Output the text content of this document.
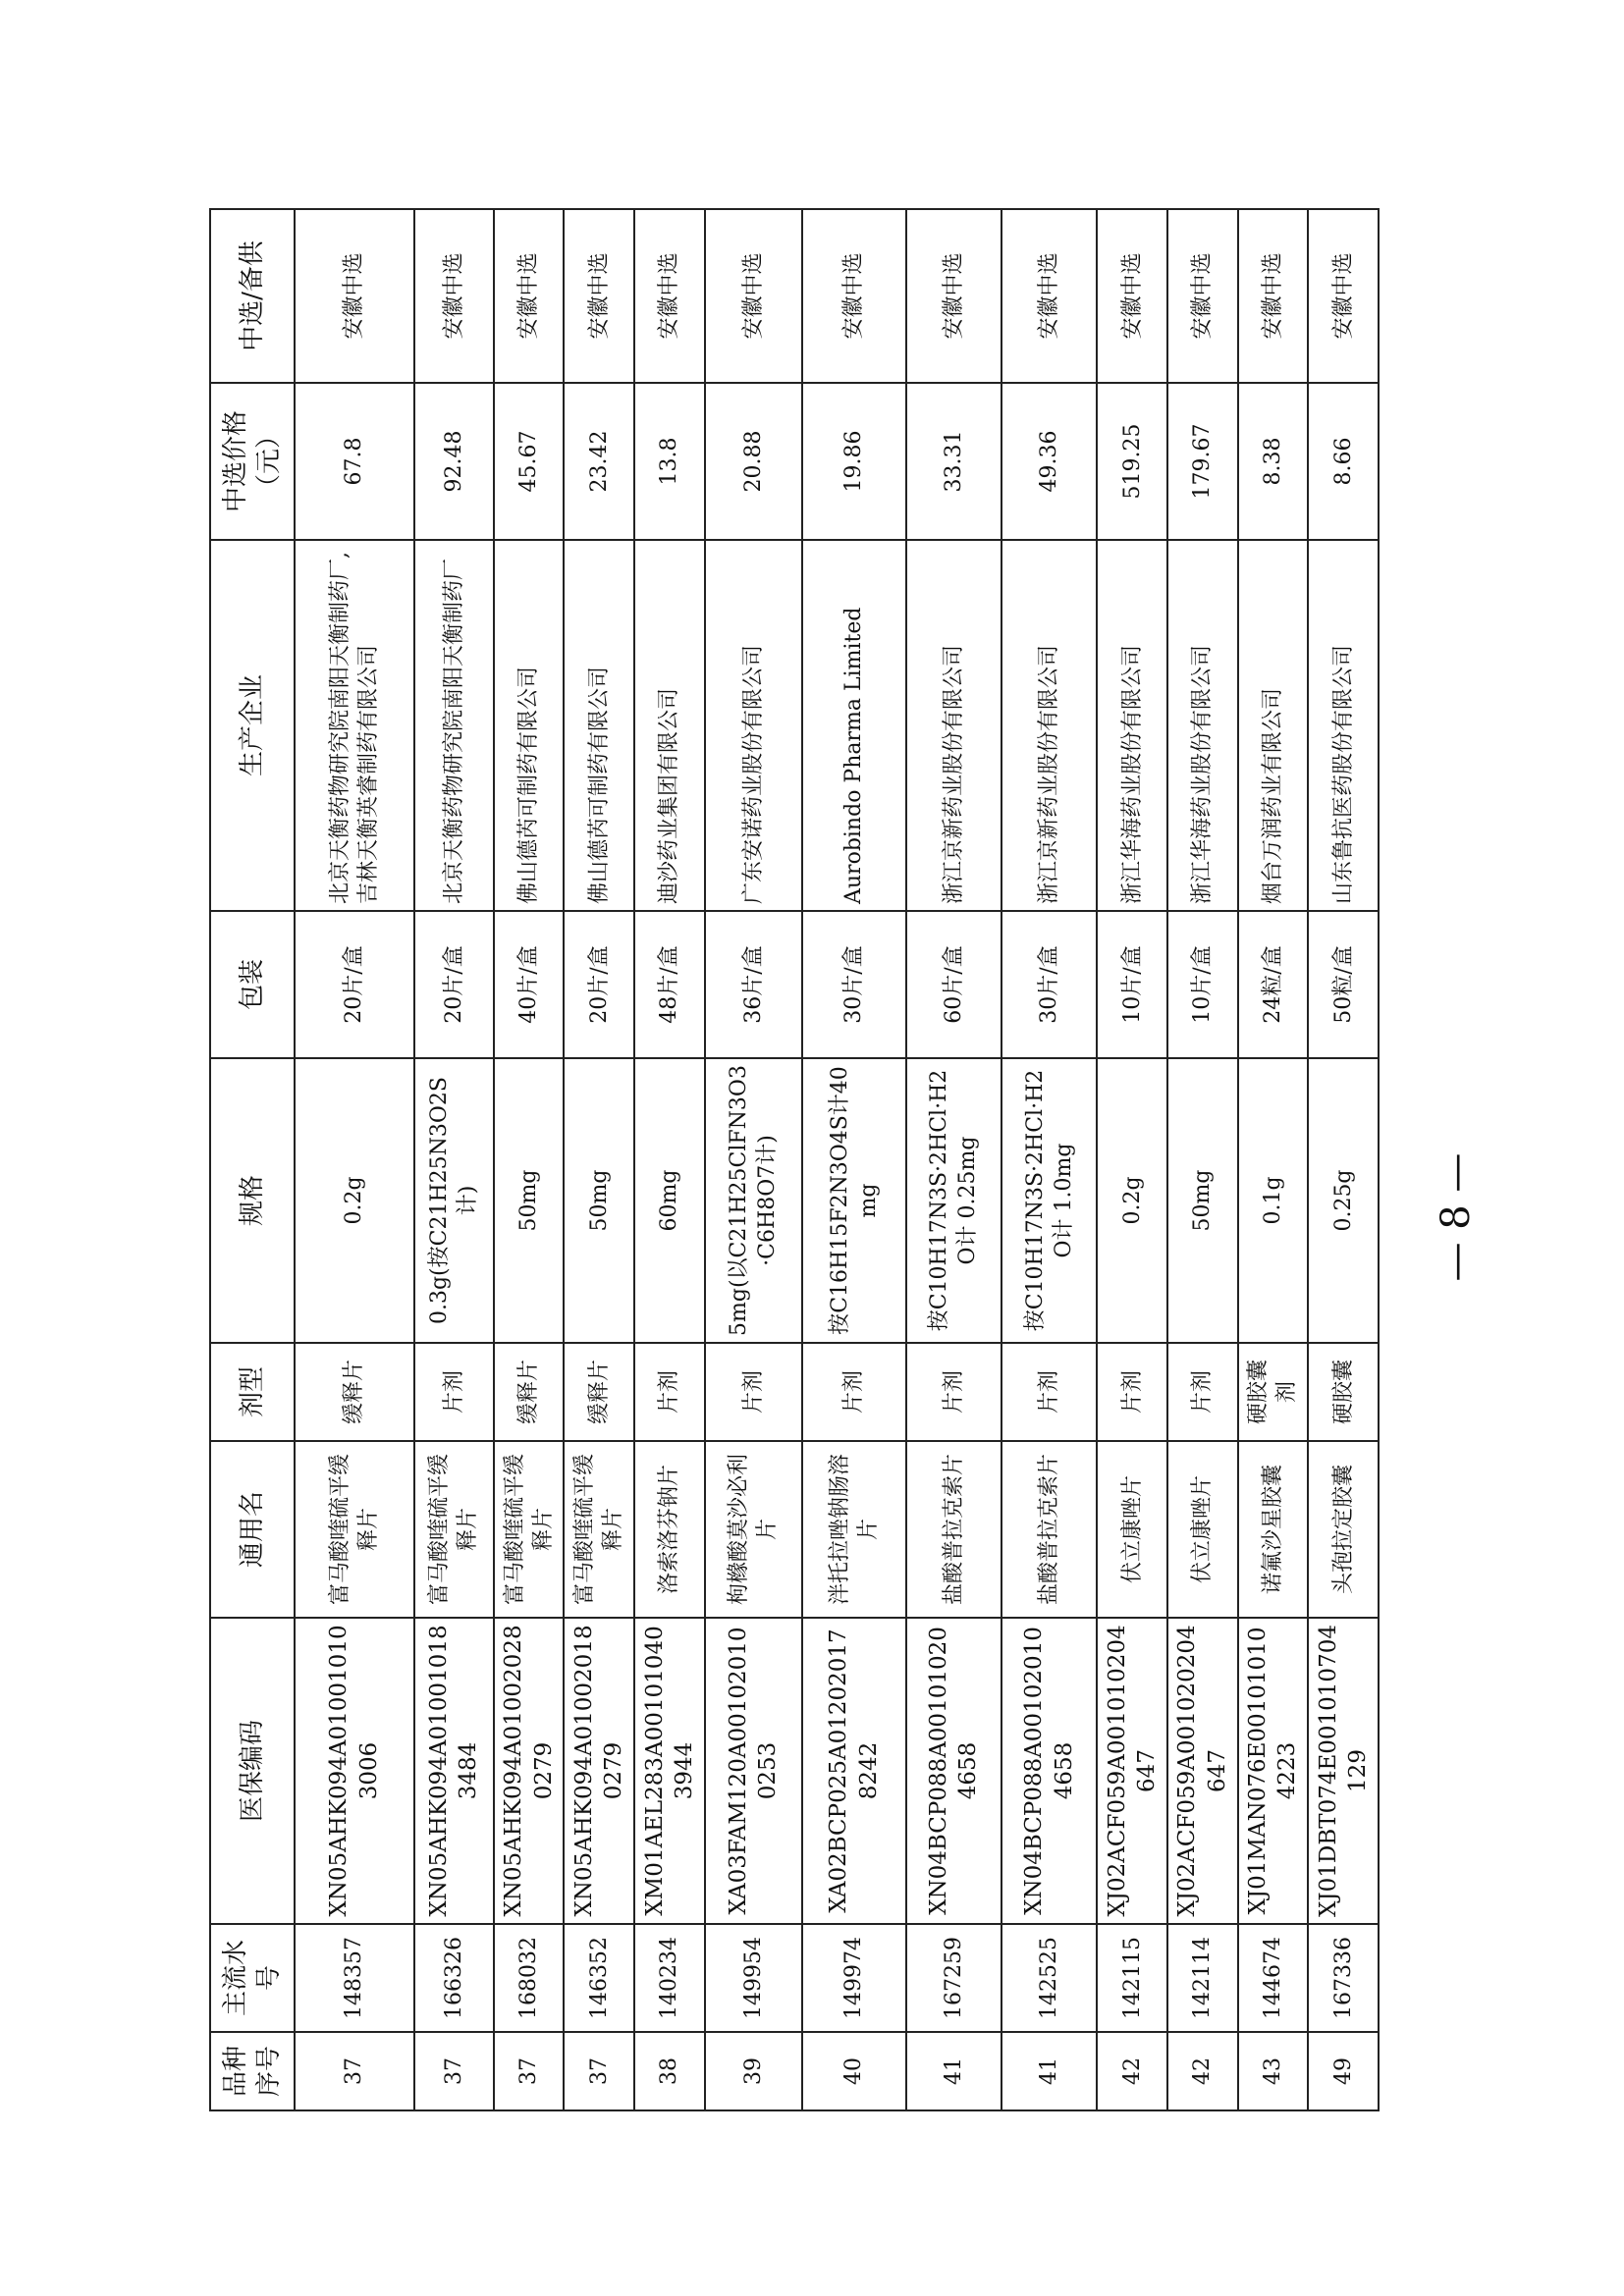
品种序号	主流水号	医保编码	通用名	剂型	规格	包装	生产企业	中选价格（元）	中选/备供
37	148357	XN05AHK094A010010103006	富马酸喹硫平缓释片	缓释片	0.2g	20片/盒	北京天衡药物研究院南阳天衡制药厂,吉林天衡英睿制药有限公司	67.8	安徽中选
37	166326	XN05AHK094A010010183484	富马酸喹硫平缓释片	片剂	0.3g(按C21H25N3O2S计)	20片/盒	北京天衡药物研究院南阳天衡制药厂	92.48	安徽中选
37	168032	XN05AHK094A010020280279	富马酸喹硫平缓释片	缓释片	50mg	40片/盒	佛山德芮可制药有限公司	45.67	安徽中选
37	146352	XN05AHK094A010020180279	富马酸喹硫平缓释片	缓释片	50mg	20片/盒	佛山德芮可制药有限公司	23.42	安徽中选
38	140234	XM01AEL283A001010403944	洛索洛芬钠片	片剂	60mg	48片/盒	迪沙药业集团有限公司	13.8	安徽中选
39	149954	XA03FAM120A001020100253	枸橼酸莫沙必利片	片剂	5mg(以C21H25ClFN3O3·C6H8O7计)	36片/盒	广东安诺药业股份有限公司	20.88	安徽中选
40	149974	XA02BCP025A012020178242	泮托拉唑钠肠溶片	片剂	按C16H15F2N3O4S计40mg	30片/盒	Aurobindo Pharma Limited	19.86	安徽中选
41	167259	XN04BCP088A001010204658	盐酸普拉克索片	片剂	按C10H17N3S·2HCl·H2O计 0.25mg	60片/盒	浙江京新药业股份有限公司	33.31	安徽中选
41	142525	XN04BCP088A001020104658	盐酸普拉克索片	片剂	按C10H17N3S·2HCl·H2O计 1.0mg	30片/盒	浙江京新药业股份有限公司	49.36	安徽中选
42	142115	XJ02ACF059A001010204647	伏立康唑片	片剂	0.2g	10片/盒	浙江华海药业股份有限公司	519.25	安徽中选
42	142114	XJ02ACF059A001020204647	伏立康唑片	片剂	50mg	10片/盒	浙江华海药业股份有限公司	179.67	安徽中选
43	144674	XJ01MAN076E001010104223	诺氟沙星胶囊	硬胶囊剂	0.1g	24粒/盒	烟台万润药业有限公司	8.38	安徽中选
49	167336	XJ01DBT074E001010704129	头孢拉定胶囊	硬胶囊	0.25g	50粒/盒	山东鲁抗医药股份有限公司	8.66	安徽中选
— 8 —
